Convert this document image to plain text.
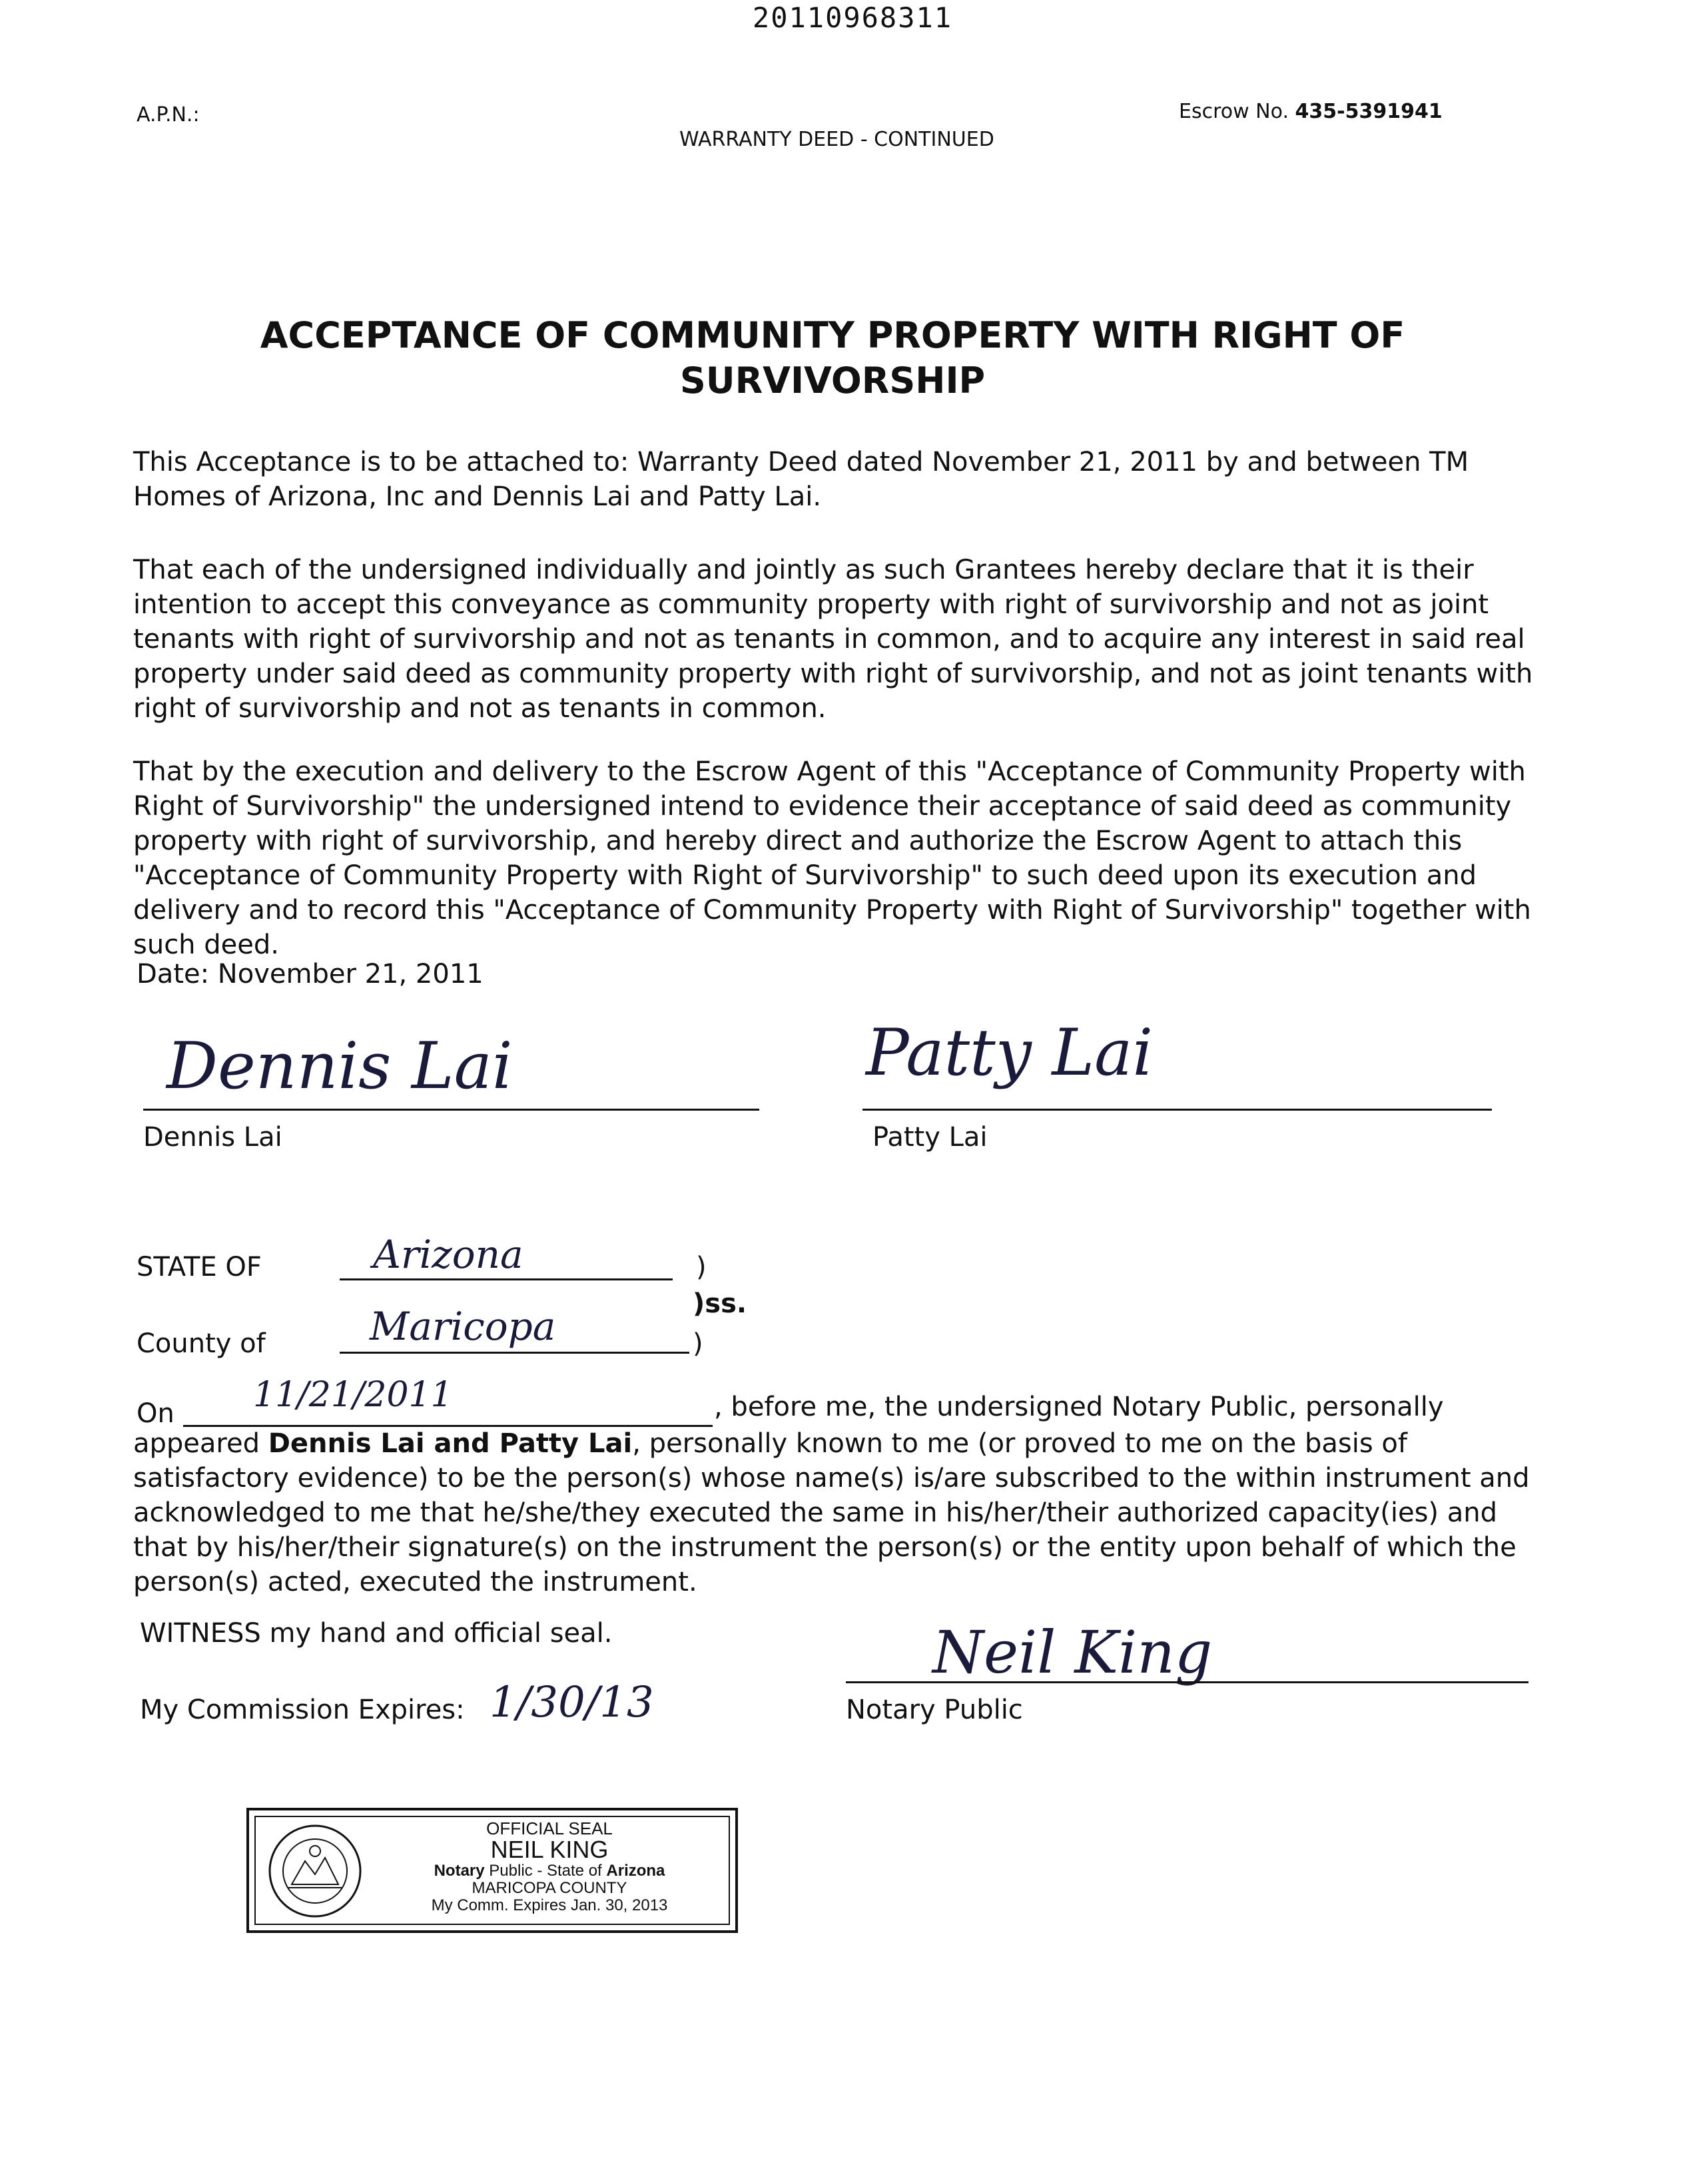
20110968311
A.P.N.:	Escrow No. 435-5391941
WARRANTY DEED - CONTINUED
ACCEPTANCE OF COMMUNITY PROPERTY WITH RIGHT OF
SURVIVORSHIP
This Acceptance is to be attached to: Warranty Deed dated November 21, 2011 by and between TM Homes of Arizona, Inc and Dennis Lai and Patty Lai.
That each of the undersigned individually and jointly as such Grantees hereby declare that it is their intention to accept this conveyance as community property with right of survivorship and not as joint tenants with right of survivorship and not as tenants in common, and to acquire any interest in said real property under said deed as community property with right of survivorship, and not as joint tenants with right of survivorship and not as tenants in common.
That by the execution and delivery to the Escrow Agent of this "Acceptance of Community Property with Right of Survivorship" the undersigned intend to evidence their acceptance of said deed as community property with right of survivorship, and hereby direct and authorize the Escrow Agent to attach this "Acceptance of Community Property with Right of Survivorship" to such deed upon its execution and delivery and to record this "Acceptance of Community Property with Right of Survivorship" together with such deed.
Date: November 21, 2011
Dennis Lai
Dennis Lai
Patty Lai
Patty Lai
STATE OF	Arizona	)
)ss.
County of	Maricopa	)
On 11/21/2011	, before me, the undersigned Notary Public, personally
appeared Dennis Lai and Patty Lai, personally known to me (or proved to me on the basis of satisfactory evidence) to be the person(s) whose name(s) is/are subscribed to the within instrument and acknowledged to me that he/she/they executed the same in his/her/their authorized capacity(ies) and that by his/her/their signature(s) on the instrument the person(s) or the entity upon behalf of which the person(s) acted, executed the instrument.
WITNESS my hand and official seal.
My Commission Expires: 1/30/13
Neil King
Notary Public
OFFICIAL SEAL
NEIL KING
Notary Public - State of Arizona
MARICOPA COUNTY
My Comm. Expires Jan. 30, 2013
